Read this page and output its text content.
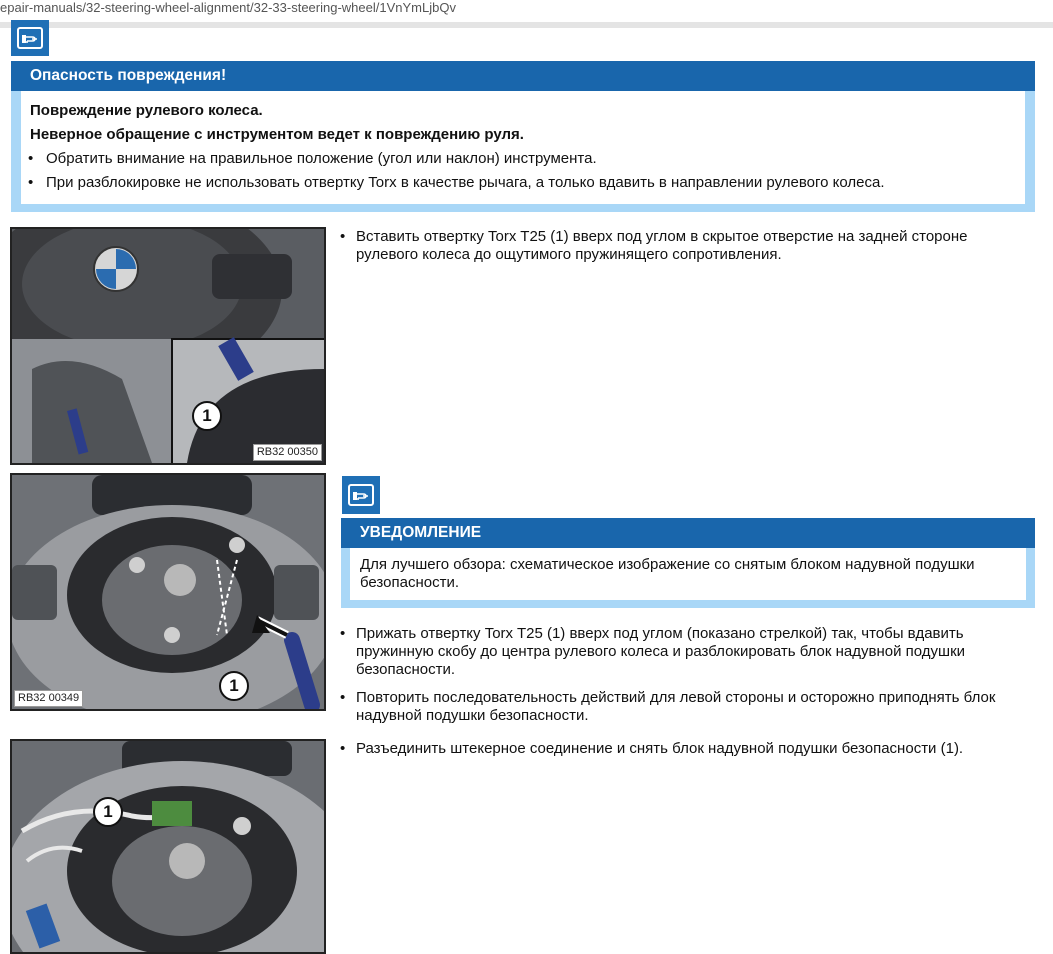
epair-manuals/32-steering-wheel-alignment/32-33-steering-wheel/1VnYmLjbQv
Опасность повреждения!
Повреждение рулевого колеса.
Неверное обращение с инструментом ведет к повреждению руля.
• Обратить внимание на правильное положение (угол или наклон) инструмента.
• При разблокировке не использовать отвертку Torx в качестве рычага, а только вдавить в направлении рулевого колеса.
1
RB32 00350
• Вставить отвертку Torx T25 (1) вверх под углом в скрытое отверстие на задней стороне рулевого колеса до ощутимого пружинящего сопротивления.
1
RB32 00349
УВЕДОМЛЕНИЕ
Для лучшего обзора: схематическое изображение со снятым блоком надувной подушки безопасности.
• Прижать отвертку Torx T25 (1) вверх под углом (показано стрелкой) так, чтобы вдавить пружинную скобу до центра рулевого колеса и разблокировать блок надувной подушки безопасности.
• Повторить последовательность действий для левой стороны и осторожно приподнять блок надувной подушки безопасности.
1
• Разъединить штекерное соединение и снять блок надувной подушки безопасности (1).
